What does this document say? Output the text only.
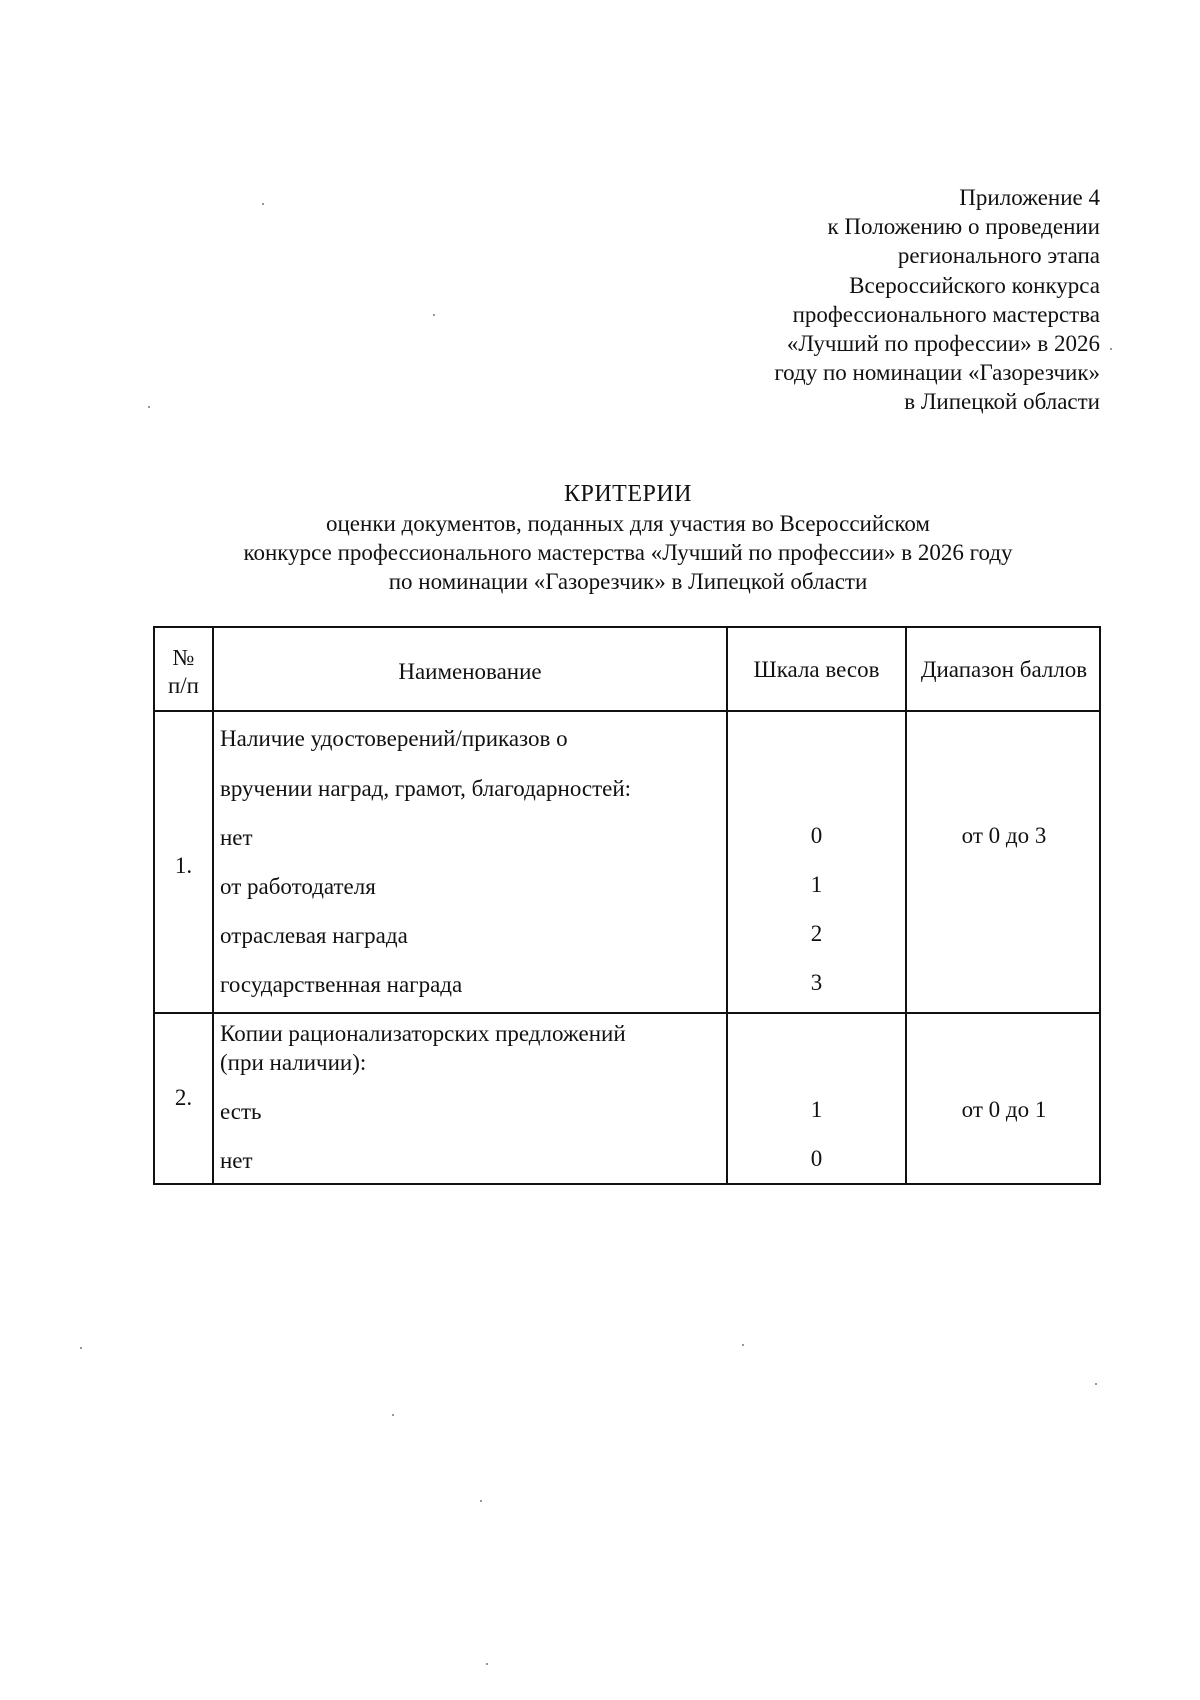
Приложение 4
к Положению о проведении
регионального этапа
Всероссийского конкурса
профессионального мастерства
«Лучший по профессии» в 2026
году по номинации «Газорезчик»
в Липецкой области
КРИТЕРИИ
оценки документов, поданных для участия во Всероссийском
конкурсе профессионального мастерства «Лучший по профессии» в 2026 году
по номинации «Газорезчик» в Липецкой области
№
п/п
Наименование	Шкала весов	Диапазон баллов
1.
Наличие удостоверений/приказов о
вручении наград, грамот, благодарностей:
нет
от работодателя
отраслевая награда
государственная награда
0
1
2
3
от 0 до 3
2.
Копии рационализаторских предложений
(при наличии):
есть
нет
1
0
от 0 до 1
